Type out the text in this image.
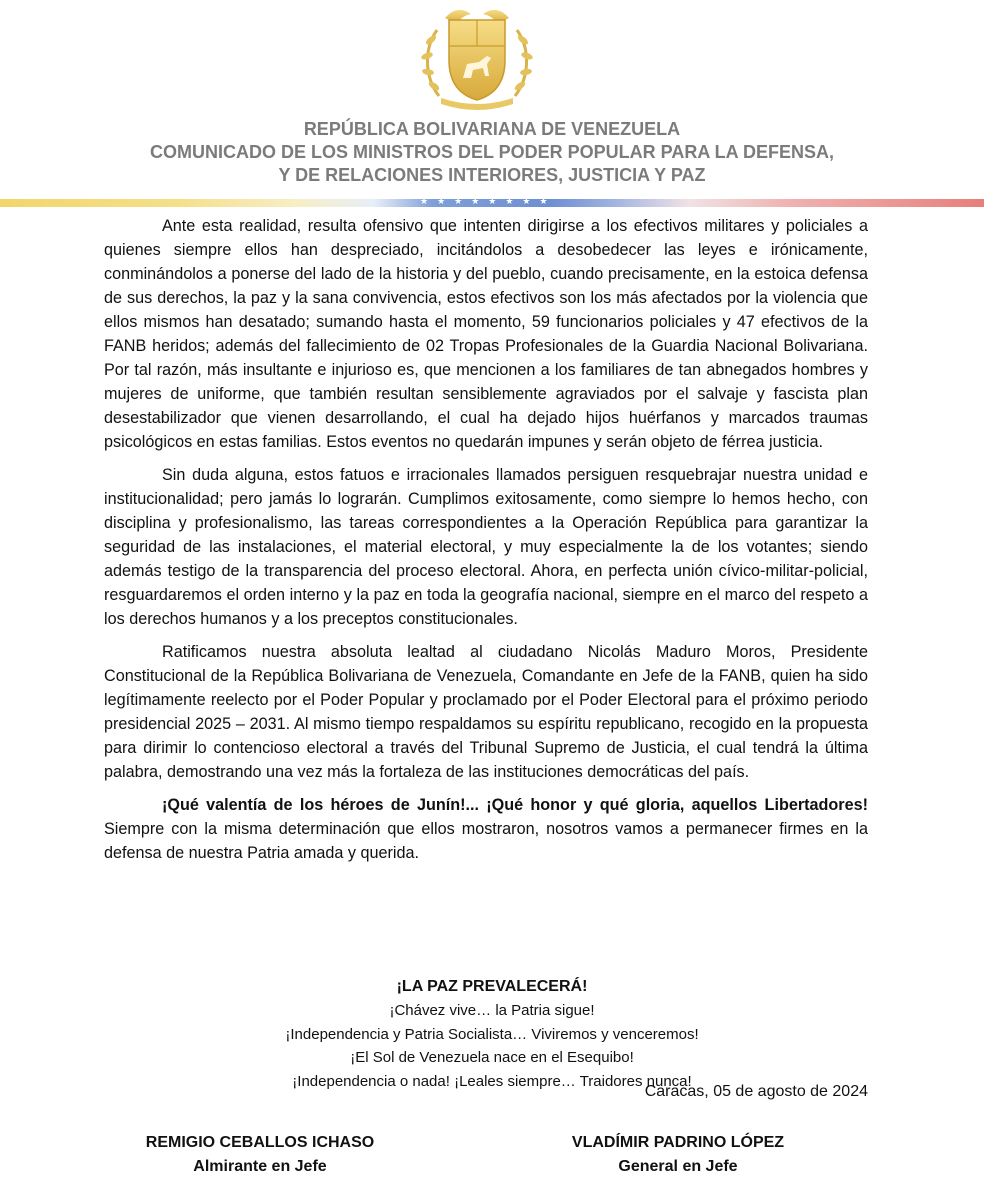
REPÚBLICA BOLIVARIANA DE VENEZUELA
COMUNICADO DE LOS MINISTROS DEL PODER POPULAR PARA LA DEFENSA,
Y DE RELACIONES INTERIORES, JUSTICIA Y PAZ
★★★★★★★★

Ante esta realidad, resulta ofensivo que intenten dirigirse a los efectivos militares y policiales a quienes siempre ellos han despreciado, incitándolos a desobedecer las leyes e irónicamente, conminándolos a ponerse del lado de la historia y del pueblo, cuando precisamente, en la estoica defensa de sus derechos, la paz y la sana convivencia, estos efectivos son los más afectados por la violencia que ellos mismos han desatado; sumando hasta el momento, 59 funcionarios policiales y 47 efectivos de la FANB heridos; además del fallecimiento de 02 Tropas Profesionales de la Guardia Nacional Bolivariana. Por tal razón, más insultante e injurioso es, que mencionen a los familiares de tan abnegados hombres y mujeres de uniforme, que también resultan sensiblemente agraviados por el salvaje y fascista plan desestabilizador que vienen desarrollando, el cual ha dejado hijos huérfanos y marcados traumas psicológicos en estas familias. Estos eventos no quedarán impunes y serán objeto de férrea justicia.

Sin duda alguna, estos fatuos e irracionales llamados persiguen resquebrajar nuestra unidad e institucionalidad; pero jamás lo lograrán. Cumplimos exitosamente, como siempre lo hemos hecho, con disciplina y profesionalismo, las tareas correspondientes a la Operación República para garantizar la seguridad de las instalaciones, el material electoral, y muy especialmente la de los votantes; siendo además testigo de la transparencia del proceso electoral. Ahora, en perfecta unión cívico-militar-policial, resguardaremos el orden interno y la paz en toda la geografía nacional, siempre en el marco del respeto a los derechos humanos y a los preceptos constitucionales.

Ratificamos nuestra absoluta lealtad al ciudadano Nicolás Maduro Moros, Presidente Constitucional de la República Bolivariana de Venezuela, Comandante en Jefe de la FANB, quien ha sido legítimamente reelecto por el Poder Popular y proclamado por el Poder Electoral para el próximo periodo presidencial 2025 – 2031. Al mismo tiempo respaldamos su espíritu republicano, recogido en la propuesta para dirimir lo contencioso electoral a través del Tribunal Supremo de Justicia, el cual tendrá la última palabra, demostrando una vez más la fortaleza de las instituciones democráticas del país.

¡Qué valentía de los héroes de Junín!... ¡Qué honor y qué gloria, aquellos Libertadores! Siempre con la misma determinación que ellos mostraron, nosotros vamos a permanecer firmes en la defensa de nuestra Patria amada y querida.

¡LA PAZ PREVALECERÁ!
¡Chávez vive… la Patria sigue!
¡Independencia y Patria Socialista… Viviremos y venceremos!
¡El Sol de Venezuela nace en el Esequibo!
¡Independencia o nada! ¡Leales siempre… Traidores nunca!
Caracas, 05 de agosto de 2024
REMIGIO CEBALLOS ICHASO
Almirante en Jefe
VLADÍMIR PADRINO LÓPEZ
General en Jefe
